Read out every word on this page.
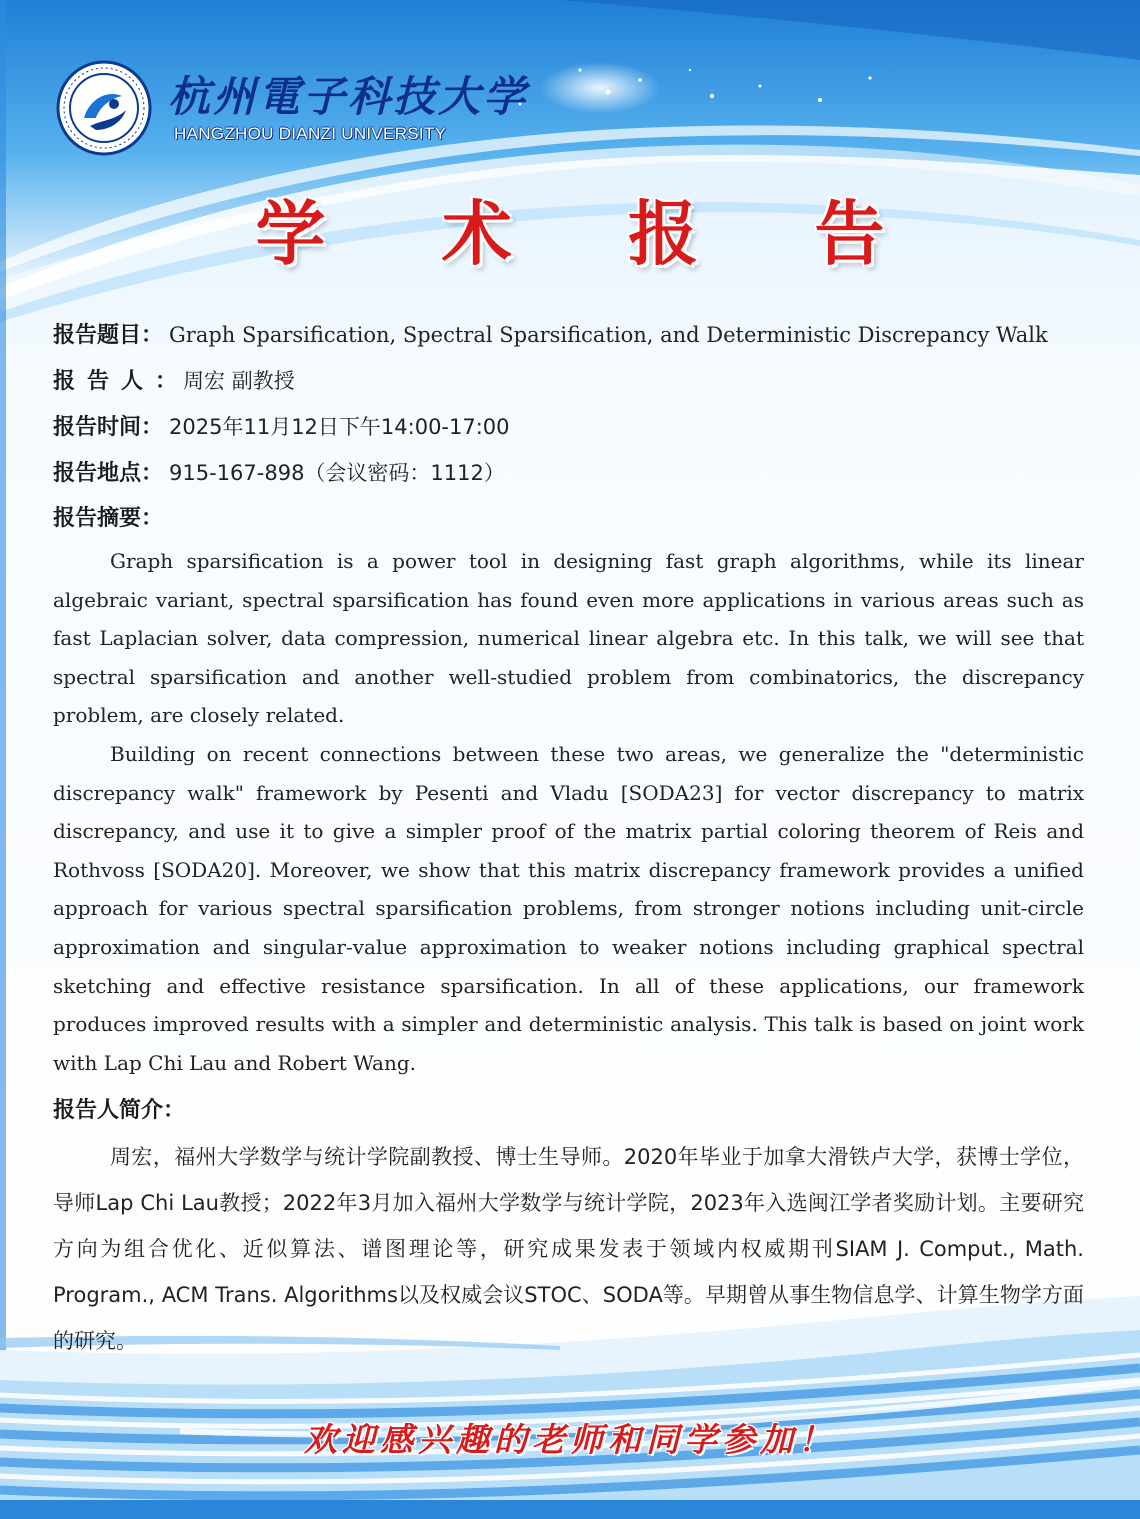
杭州電子科技大学
HANGZHOU DIANZI UNIVERSITY
学 术 报 告
报告题目 ： Graph Sparsification, Spectral Sparsification, and Deterministic Discrepancy Walk
报告人 ： 周宏 副教授
报告时间 ： 2025年11月12日下午14:00-17:00
报告地点 ： 915-167-898（会议密码：1112）
报告摘要：

Graph sparsification is a power tool in designing fast graph algorithms, while its linear algebraic variant, spectral sparsification has found even more applications in various areas such as fast Laplacian solver, data compression, numerical linear algebra etc. In this talk, we will see that spectral sparsification and another well-studied problem from combinatorics, the discrepancy problem, are closely related.

Building on recent connections between these two areas, we generalize the "deterministic discrepancy walk" framework by Pesenti and Vladu [SODA23] for vector discrepancy to matrix discrepancy, and use it to give a simpler proof of the matrix partial coloring theorem of Reis and Rothvoss [SODA20]. Moreover, we show that this matrix discrepancy framework provides a unified approach for various spectral sparsification problems, from stronger notions including unit-circle approximation and singular-value approximation to weaker notions including graphical spectral sketching and effective resistance sparsification. In all of these applications, our framework produces improved results with a simpler and deterministic analysis. This talk is based on joint work with Lap Chi Lau and Robert Wang.

报告人简介：

周宏，福州大学数学与统计学院副教授、博士生导师。2020年毕业于加拿大滑铁卢大学，获博士学位，导师Lap Chi Lau教授；2022年3月加入福州大学数学与统计学院，2023年入选闽江学者奖励计划。主要研究方向为组合优化、近似算法、谱图理论等，研究成果发表于领域内权威期刊SIAM J. Comput., Math. Program., ACM Trans. Algorithms以及权威会议STOC、SODA等。早期曾从事生物信息学、计算生物学方面的研究。

欢迎感兴趣的老师和同学参加！
